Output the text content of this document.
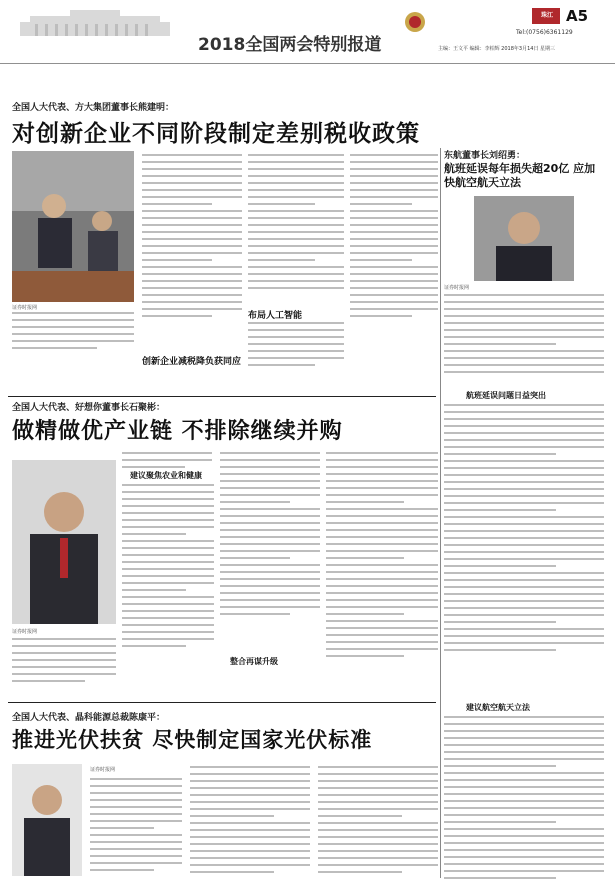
珠江 A5
2018全国两会特别报道
Tel:(0756)6361129
主编：王文平 编辑：李柏辉 2018年3月14日 星期三
全国人大代表、方大集团董事长熊建明：
对创新企业不同阶段制定差别税收政策
证券时报网
布局人工智能
创新企业减税降负获同应
东航董事长刘绍勇：
航班延误每年损失超20亿 应加快航空航天立法
证券时报网
航班延误问题日益突出
建议航空航天立法
全国人大代表、好想你董事长石聚彬：
做精做优产业链 不排除继续并购
建议聚焦农业和健康
证券时报网
整合再谋升级
全国人大代表、晶科能源总裁陈康平：
推进光伏扶贫 尽快制定国家光伏标准
证券时报网
